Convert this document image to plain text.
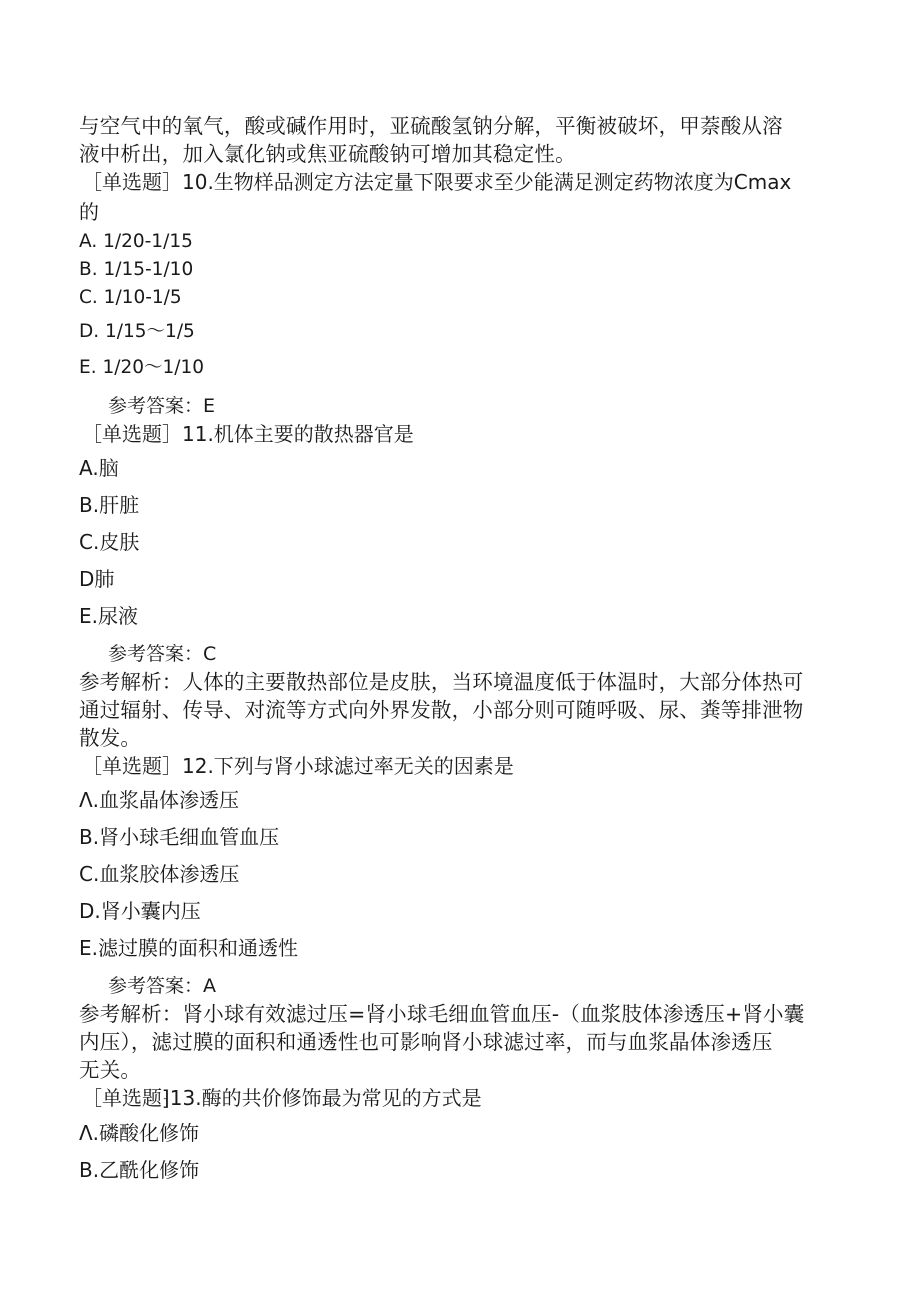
与空气中的氧气，酸或碱作用时，亚硫酸氢钠分解，平衡被破坏，甲萘酸从溶
液中析出，加入氯化钠或焦亚硫酸钠可增加其稳定性。
［单选题］10.生物样品测定方法定量下限要求至少能满足测定药物浓度为Cmax
的
A. 1/20-1/15
B. 1/15-1/10
C. 1/10-1/5
D. 1/15～1/5
E. 1/20～1/10
参考答案：E
［单选题］11.机体主要的散热器官是
A.脑
B.肝脏
C.皮肤
D肺
E.尿液
参考答案：C
参考解析：人体的主要散热部位是皮肤，当环境温度低于体温时，大部分体热可
通过辐射、传导、对流等方式向外界发散，小部分则可随呼吸、尿、粪等排泄物
散发。
［单选题］12.下列与肾小球滤过率无关的因素是
Λ.血浆晶体渗透压
B.肾小球毛细血管血压
C.血浆胶体渗透压
D.肾小囊内压
E.滤过膜的面积和通透性
参考答案：A
参考解析：肾小球有效滤过压=肾小球毛细血管血压-（血浆肢体渗透压+肾小囊
内压），滤过膜的面积和通透性也可影响肾小球滤过率，而与血浆晶体渗透压
无关。
［单选题⁆13.酶的共价修饰最为常见的方式是
Λ.磷酸化修饰
B.乙酰化修饰
